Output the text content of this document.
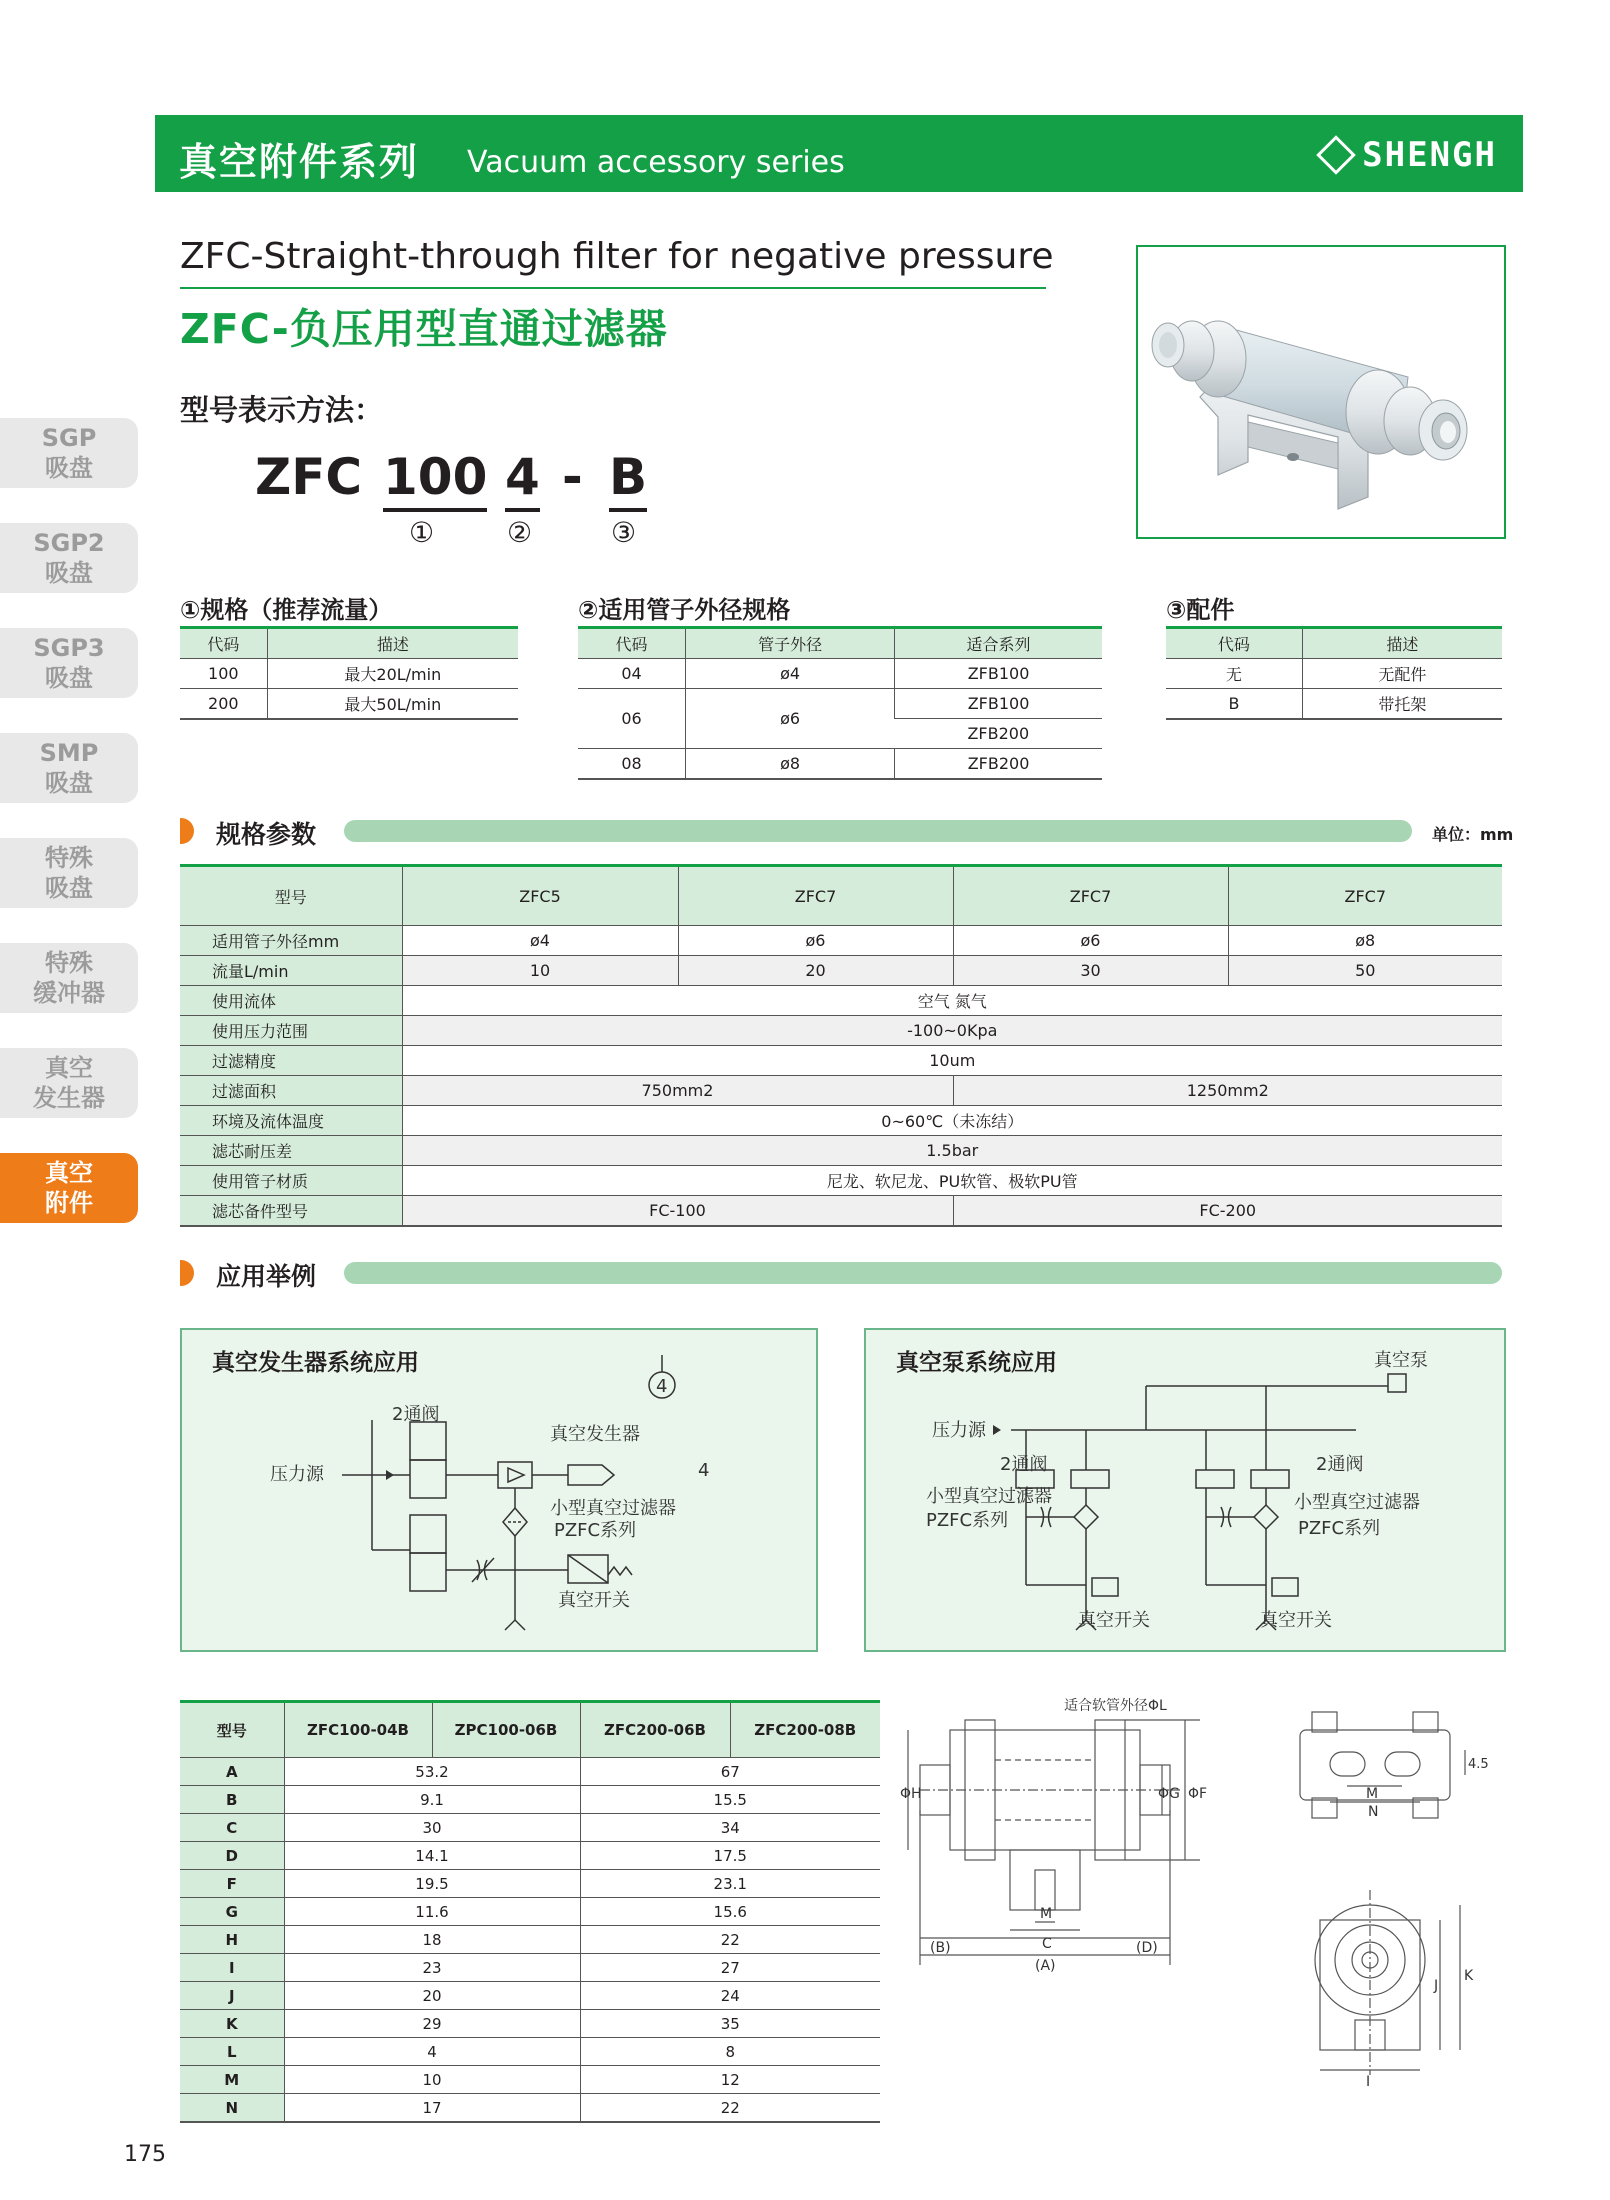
真空附件系列 Vacuum accessory series	SHENGH
SGP
吸盘
SGP2
吸盘
SGP3
吸盘
SMP
吸盘
特殊
吸盘
特殊
缓冲器
真空
发生器
真空
附件
ZFC-Straight-through filter for negative pressure
ZFC-负压用型直通过滤器
型号表示方法：
ZFC 100 4 - B
①	②	③
①规格（推荐流量）
代码	描述
100	最大20L/min
200	最大50L/min
②适用管子外径规格
代码	管子外径	适合系列
04	ø4	ZFB100
06	ø6	ZFB100
		ZFB200
08	ø8	ZFB200
③配件
代码	描述
无	无配件
B	带托架
规格参数	单位：mm
型号	ZFC5	ZFC7	ZFC7	ZFC7
适用管子外径mm	ø4	ø6	ø6	ø8
流量L/min	10	20	30	50
使用流体	空气 氮气			
使用压力范围	-100~0Kpa			
过滤精度	10um			
过滤面积	750mm2		1250mm2	
环境及流体温度	0~60℃（未冻结）			
滤芯耐压差	1.5bar			
使用管子材质	尼龙、软尼龙、PU软管、极软PU管			
滤芯备件型号	FC-100		FC-200	
应用举例
真空发生器系统应用
2通阀
压力源
真空发生器
小型真空过滤器
PZFC系列
真空开关
4
4
真空泵系统应用	真空泵
压力源
2通阀	2通阀
小型真空过滤器
PZFC系列
小型真空过滤器
PZFC系列
真空开关	真空开关
型号	ZFC100-04B	ZPC100-06B	ZFC200-06B	ZFC200-08B
A	53.2		67	
B	9.1		15.5	
C	30		34	
D	14.1		17.5	
F	19.5		23.1	
G	11.6		15.6	
H	18		22	
I	23		27	
J	20		24	
K	29		35	
L	4		8	
M	10		12	
N	17		22	
适合软管外径ΦL
(B)	C	(D)
(A)
M
M
N
ΦH	ΦG ΦF
4.5
J
K
I
175
